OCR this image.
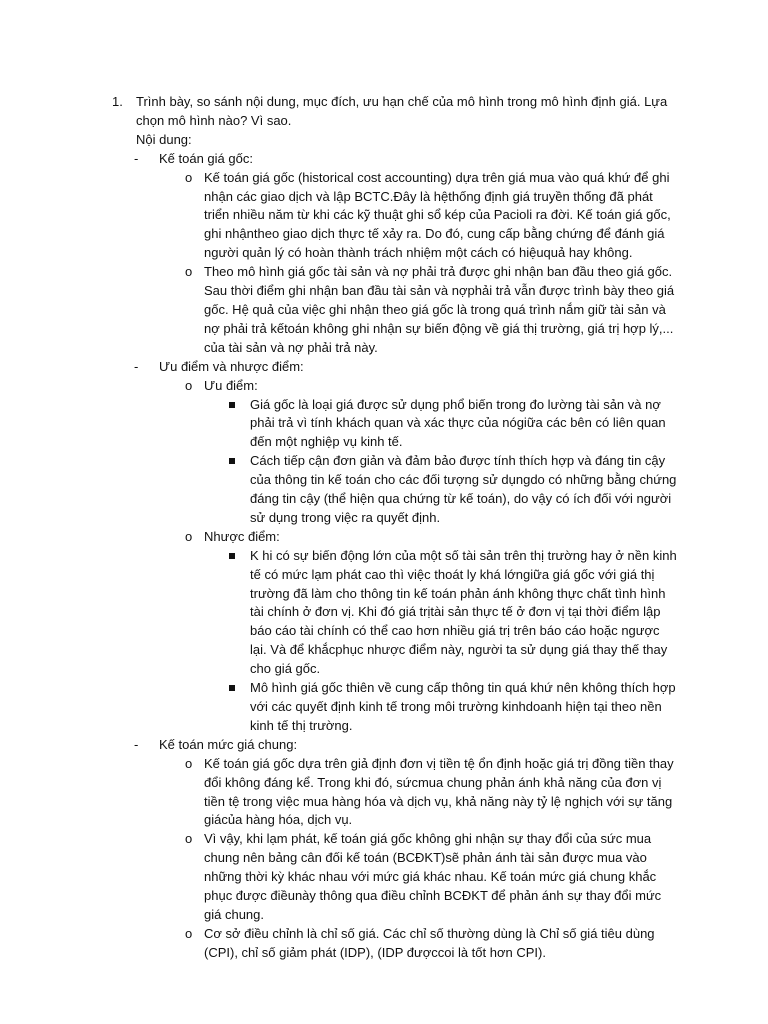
1. Trình bày, so sánh nội dung, mục đích, ưu hạn chế của mô hình trong mô hình định giá. Lựa chọn mô hình nào? Vì sao.
Nội dung:
- Kế toán giá gốc:
o Kế toán giá gốc (historical cost accounting) dựa trên giá mua vào quá khứ để ghi nhận các giao dịch và lập BCTC.Đây là hệthống định giá truyền thống đã phát triển nhiều năm từ khi các kỹ thuật ghi sổ kép của Pacioli ra đời. Kế toán giá gốc, ghi nhậntheo giao dịch thực tế xảy ra. Do đó, cung cấp bằng chứng để đánh giá người quản lý có hoàn thành trách nhiệm một cách có hiệuquả hay không.
o Theo mô hình giá gốc tài sản và nợ phải trả được ghi nhận ban đầu theo giá gốc. Sau thời điểm ghi nhận ban đầu tài sản và nợphải trả vẫn được trình bày theo giá gốc. Hệ quả của việc ghi nhận theo giá gốc là trong quá trình nắm giữ tài sản và nợ phải trả kếtoán không ghi nhận sự biến động về giá thị trường, giá trị hợp lý,... của tài sản và nợ phải trả này.
- Ưu điểm và nhược điểm:
o Ưu điểm:
Giá gốc là loại giá được sử dụng phổ biến trong đo lường tài sản và nợ phải trả vì tính khách quan và xác thực của nógiữa các bên có liên quan đến một nghiệp vụ kinh tế.
Cách tiếp cận đơn giản và đảm bảo được tính thích hợp và đáng tin cậy của thông tin kế toán cho các đối tượng sử dụngdo có những bằng chứng đáng tin cậy (thể hiện qua chứng từ kế toán), do vậy có ích đối với người sử dụng trong việc ra quyết định.
o Nhược điểm:
K hi có sự biến động lớn của một số tài sản trên thị trường hay ở nền kinh tế có mức lạm phát cao thì việc thoát ly khá lớngiữa giá gốc với giá thị trường đã làm cho thông tin kế toán phản ánh không thực chất tình hình tài chính ở đơn vị. Khi đó giá trịtài sản thực tế ở đơn vị tại thời điểm lập báo cáo tài chính có thể cao hơn nhiều giá trị trên báo cáo hoặc ngược lại. Và để khắcphục nhược điểm này, người ta sử dụng giá thay thế thay cho giá gốc.
Mô hình giá gốc thiên về cung cấp thông tin quá khứ nên không thích hợp với các quyết định kinh tế trong môi trường kinhdoanh hiện tại theo nền kinh tế thị trường.
- Kế toán mức giá chung:
o Kế toán giá gốc dựa trên giả định đơn vị tiền tệ ổn định hoặc giá trị đồng tiền thay đổi không đáng kể. Trong khi đó, sứcmua chung phản ánh khả năng của đơn vị tiền tệ trong việc mua hàng hóa và dịch vụ, khả năng này tỷ lệ nghịch với sự tăng giácủa hàng hóa, dịch vụ.
o Vì vậy, khi lạm phát, kế toán giá gốc không ghi nhận sự thay đổi của sức mua chung nên bảng cân đối kế toán (BCĐKT)sẽ phản ánh tài sản được mua vào những thời kỳ khác nhau với mức giá khác nhau. Kế toán mức giá chung khắc phục được điềunày thông qua điều chỉnh BCĐKT để phản ánh sự thay đổi mức giá chung.
o Cơ sở điều chỉnh là chỉ số giá. Các chỉ số thường dùng là Chỉ số giá tiêu dùng (CPI), chỉ số giảm phát (IDP), (IDP đượccoi là tốt hơn CPI).
